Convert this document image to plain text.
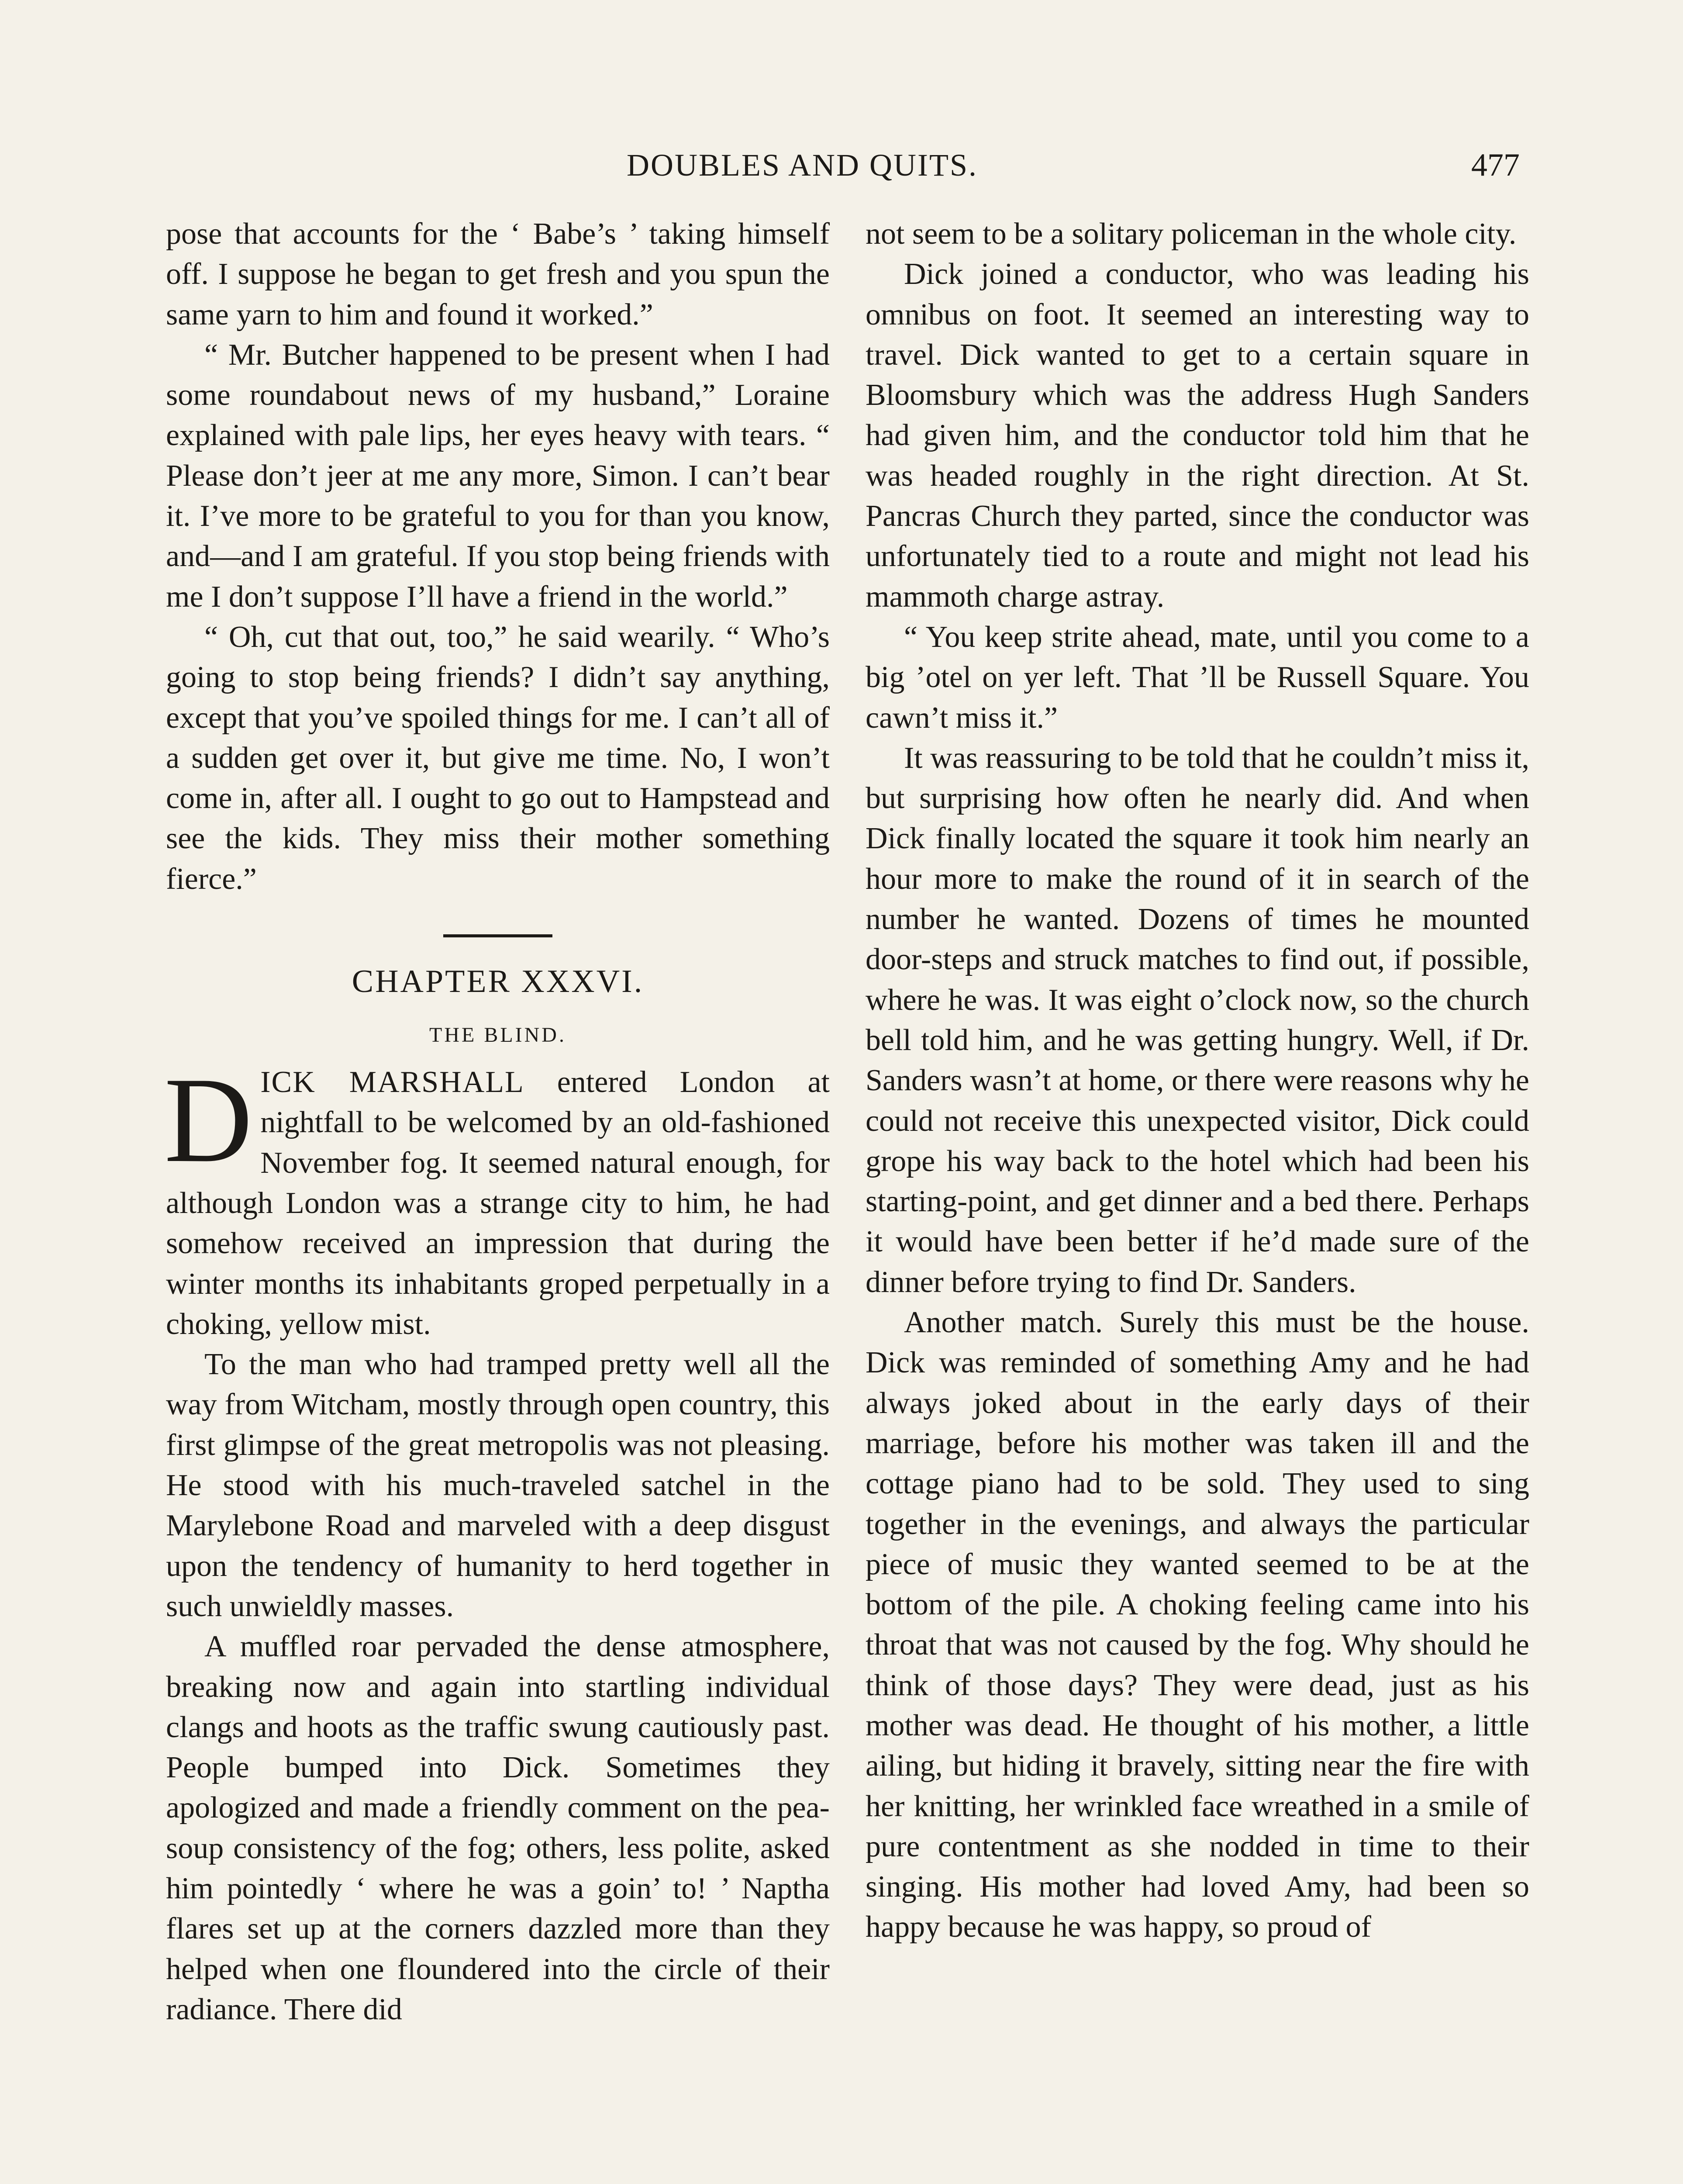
DOUBLES AND QUITS.	477

pose that accounts for the ‘ Babe’s ’ taking himself off. I suppose he began to get fresh and you spun the same yarn to him and found it worked.”

“ Mr. Butcher happened to be present when I had some roundabout news of my husband,” Loraine explained with pale lips, her eyes heavy with tears. “ Please don’t jeer at me any more, Simon. I can’t bear it. I’ve more to be grateful to you for than you know, and—and I am grateful. If you stop being friends with me I don’t suppose I’ll have a friend in the world.”

“ Oh, cut that out, too,” he said wearily. “ Who’s going to stop being friends? I didn’t say anything, except that you’ve spoiled things for me. I can’t all of a sudden get over it, but give me time. No, I won’t come in, after all. I ought to go out to Hampstead and see the kids. They miss their mother something fierce.”

CHAPTER XXXVI.
THE BLIND.

DICK MARSHALL entered London at nightfall to be welcomed by an old-fashioned November fog. It seemed natural enough, for although London was a strange city to him, he had somehow received an impression that during the winter months its inhabitants groped perpetually in a choking, yellow mist.

To the man who had tramped pretty well all the way from Witcham, mostly through open country, this first glimpse of the great metropolis was not pleasing. He stood with his much-traveled satchel in the Marylebone Road and marveled with a deep disgust upon the tendency of humanity to herd together in such unwieldly masses.

A muffled roar pervaded the dense atmosphere, breaking now and again into startling individual clangs and hoots as the traffic swung cautiously past. People bumped into Dick. Sometimes they apologized and made a friendly comment on the pea-soup consistency of the fog; others, less polite, asked him pointedly ‘ where he was a goin’ to! ’ Naptha flares set up at the corners dazzled more than they helped when one floundered into the circle of their radiance. There did

not seem to be a solitary policeman in the whole city.

Dick joined a conductor, who was leading his omnibus on foot. It seemed an interesting way to travel. Dick wanted to get to a certain square in Bloomsbury which was the address Hugh Sanders had given him, and the conductor told him that he was headed roughly in the right direction. At St. Pancras Church they parted, since the conductor was unfortunately tied to a route and might not lead his mammoth charge astray.

“ You keep strite ahead, mate, until you come to a big ’otel on yer left. That ’ll be Russell Square. You cawn’t miss it.”

It was reassuring to be told that he couldn’t miss it, but surprising how often he nearly did. And when Dick finally located the square it took him nearly an hour more to make the round of it in search of the number he wanted. Dozens of times he mounted door-steps and struck matches to find out, if possible, where he was. It was eight o’clock now, so the church bell told him, and he was getting hungry. Well, if Dr. Sanders wasn’t at home, or there were reasons why he could not receive this unexpected visitor, Dick could grope his way back to the hotel which had been his starting-point, and get dinner and a bed there. Perhaps it would have been better if he’d made sure of the dinner before trying to find Dr. Sanders.

Another match. Surely this must be the house. Dick was reminded of something Amy and he had always joked about in the early days of their marriage, before his mother was taken ill and the cottage piano had to be sold. They used to sing together in the evenings, and always the particular piece of music they wanted seemed to be at the bottom of the pile. A choking feeling came into his throat that was not caused by the fog. Why should he think of those days? They were dead, just as his mother was dead. He thought of his mother, a little ailing, but hiding it bravely, sitting near the fire with her knitting, her wrinkled face wreathed in a smile of pure contentment as she nodded in time to their singing. His mother had loved Amy, had been so happy because he was happy, so proud of
